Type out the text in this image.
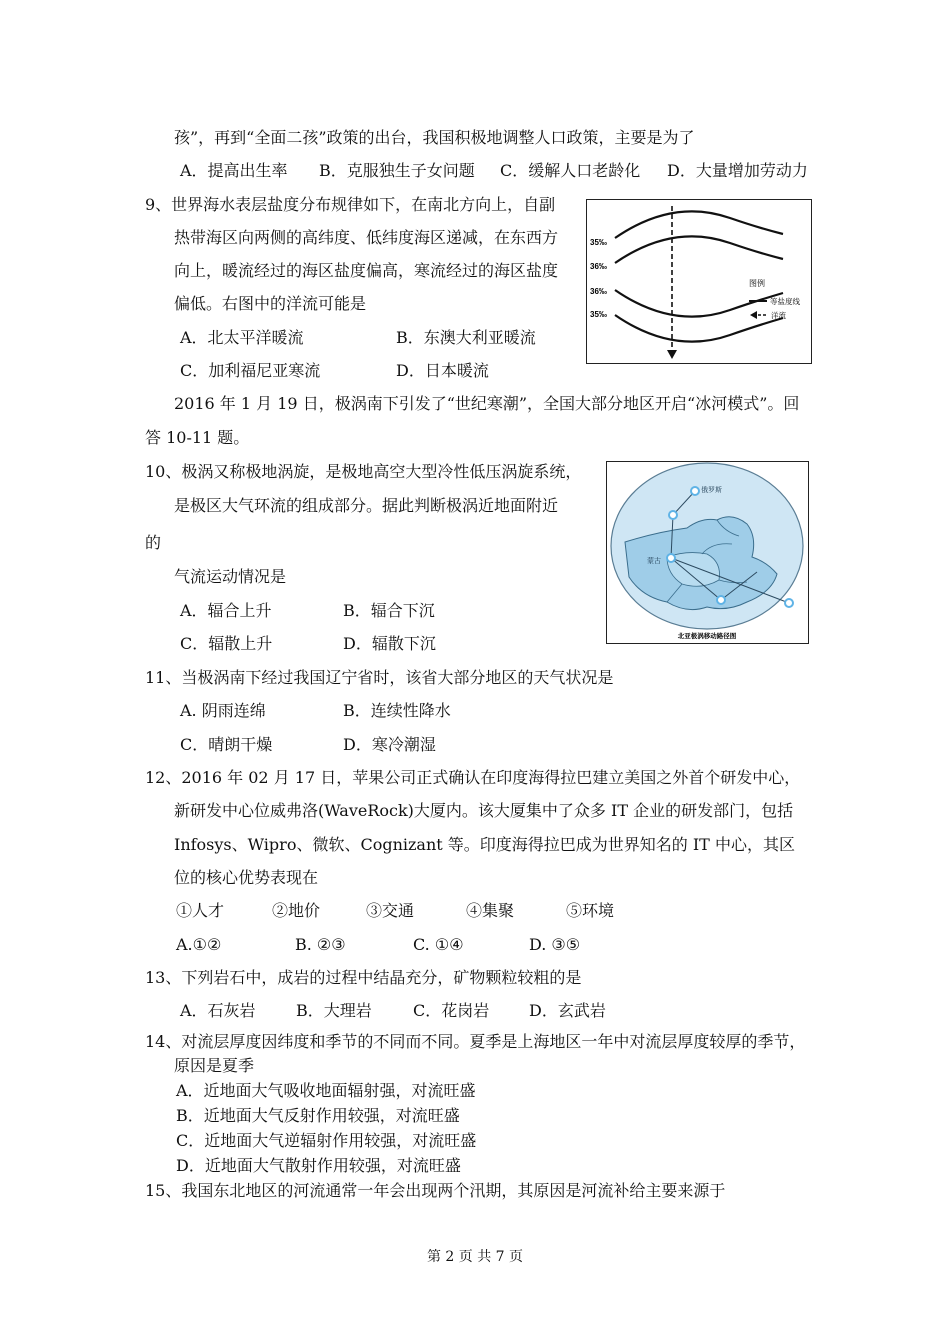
孩”，再到“全面二孩”政策的出台，我国积极地调整人口政策，主要是为了
A．提高出生率 B．克服独生子女问题 C．缓解人口老龄化 D．大量增加劳动力
9、世界海水表层盐度分布规律如下，在南北方向上，自副
热带海区向两侧的高纬度、低纬度海区递减，在东西方
向上，暖流经过的海区盐度偏高，寒流经过的海区盐度
偏低。右图中的洋流可能是
A．北太平洋暖流	B．东澳大利亚暖流
C．加利福尼亚寒流	D．日本暖流
35‰
36‰
36‰
35‰
图例
等盐度线
洋流
2016 年 1 月 19 日，极涡南下引发了“世纪寒潮”，全国大部分地区开启“冰河模式”。回
答 10-11 题。
10、极涡又称极地涡旋，是极地高空大型冷性低压涡旋系统，
是极区大气环流的组成部分。据此判断极涡近地面附近
的
气流运动情况是
A．辐合上升	B．辐合下沉
C．辐散上升	D．辐散下沉
俄罗斯
蒙古
北亚极涡移动路径图
11、当极涡南下经过我国辽宁省时，该省大部分地区的天气状况是
A. 阴雨连绵	B．连续性降水
C．晴朗干燥	D．寒冷潮湿
12、2016 年 02 月 17 日，苹果公司正式确认在印度海得拉巴建立美国之外首个研发中心，
新研发中心位威弗洛(WaveRock)大厦内。该大厦集中了众多 IT 企业的研发部门，包括
Infosys、Wipro、微软、Cognizant 等。印度海得拉巴成为世界知名的 IT 中心，其区
位的核心优势表现在
①人才	②地价	③交通	④集聚	⑤环境
A.①②	B. ②③	C. ①④	D. ③⑤
13、下列岩石中，成岩的过程中结晶充分，矿物颗粒较粗的是
A．石灰岩	B．大理岩	C．花岗岩 D．玄武岩
14、对流层厚度因纬度和季节的不同而不同。夏季是上海地区一年中对流层厚度较厚的季节，
原因是夏季
A．近地面大气吸收地面辐射强，对流旺盛
B．近地面大气反射作用较强，对流旺盛
C．近地面大气逆辐射作用较强，对流旺盛
D．近地面大气散射作用较强，对流旺盛
15、我国东北地区的河流通常一年会出现两个汛期，其原因是河流补给主要来源于
第 2 页 共 7 页
